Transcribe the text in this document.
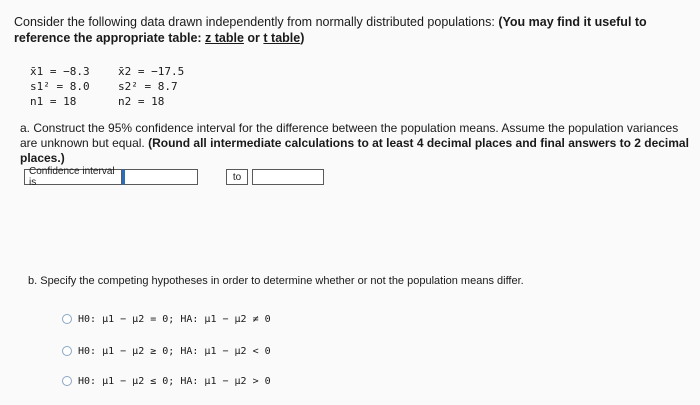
Consider the following data drawn independently from normally distributed populations: (You may find it useful to reference the appropriate table: z table or t table)
x̄1 = −8.3
s1² = 8.0
n1 = 18
x̄2 = −17.5
s2² = 8.7
n2 = 18
a. Construct the 95% confidence interval for the difference between the population means. Assume the population variances are unknown but equal. (Round all intermediate calculations to at least 4 decimal places and final answers to 2 decimal places.)
Confidence interval is	to
b. Specify the competing hypotheses in order to determine whether or not the population means differ.
H0: μ1 − μ2 = 0; HA: μ1 − μ2 ≠ 0
H0: μ1 − μ2 ≥ 0; HA: μ1 − μ2 < 0
H0: μ1 − μ2 ≤ 0; HA: μ1 − μ2 > 0
